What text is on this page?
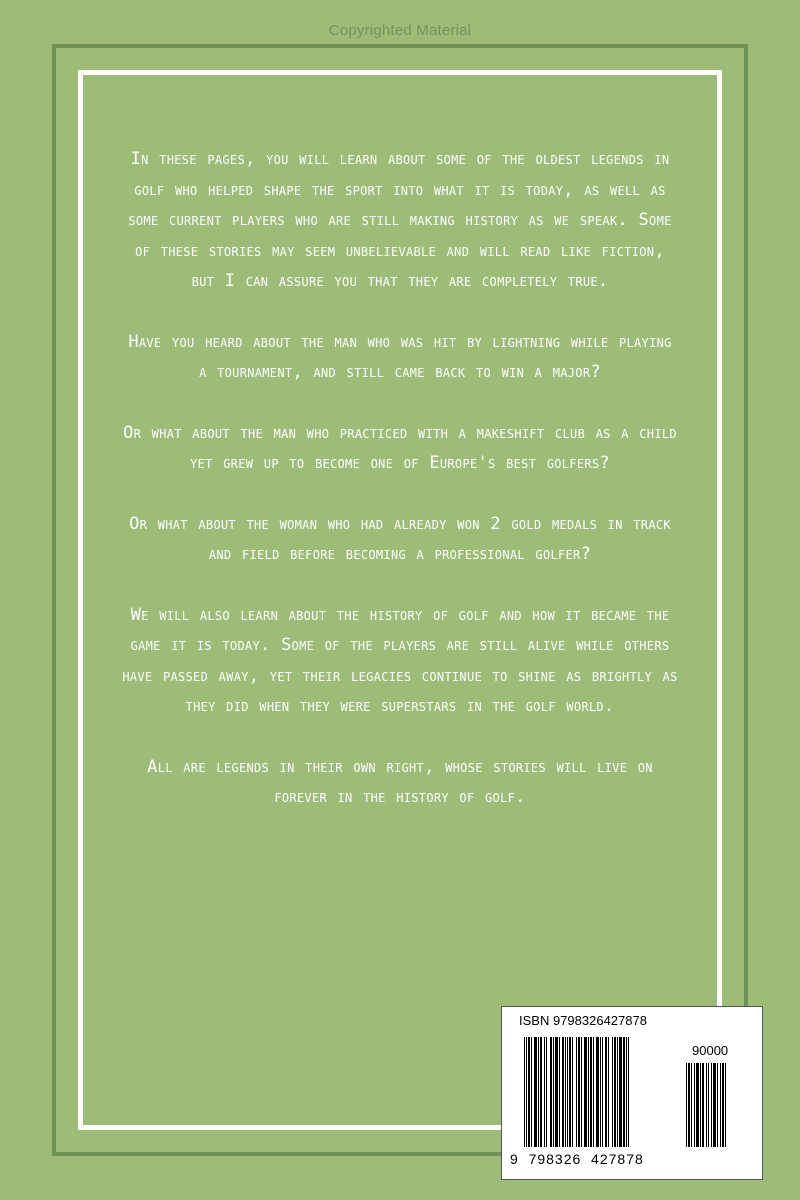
Copyrighted Material

In these pages, you will learn about some of the oldest legends in golf who helped shape the sport into what it is today, as well as some current players who are still making history as we speak. Some of these stories may seem unbelievable and will read like fiction, but I can assure you that they are completely true.

Have you heard about the man who was hit by lightning while playing a tournament, and still came back to win a major?

Or what about the man who practiced with a makeshift club as a child yet grew up to become one of Europe's best golfers?

Or what about the woman who had already won 2 gold medals in track and field before becoming a professional golfer?

We will also learn about the history of golf and how it became the game it is today. Some of the players are still alive while others have passed away, yet their legacies continue to shine as brightly as they did when they were superstars in the golf world.

All are legends in their own right, whose stories will live on forever in the history of golf.

ISBN 9798326427878
90000
9  798326  427878
